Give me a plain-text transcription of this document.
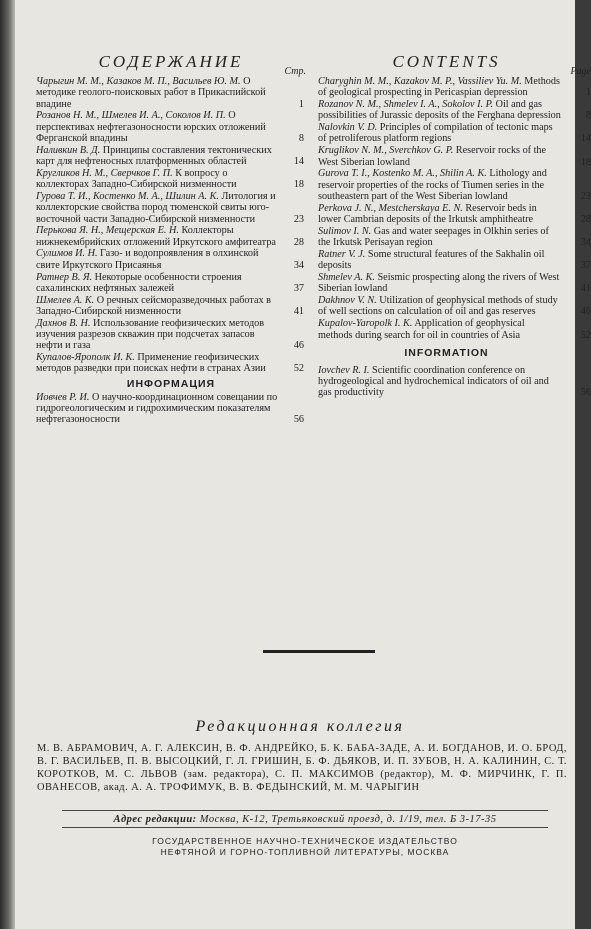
СОДЕРЖАНИЕ
Стр.
Чарыгин М. М., Казаков М. П., Васильев Ю. М. О методике геолого-поисковых работ в Прикаспийской впадине	1
Розанов Н. М., Шмелев И. А., Соколов И. П. О перспективах нефтегазоносности юрских отложений Ферганской впадины	8
Наливкин В. Д. Принципы составления тектонических карт для нефтеносных платформенных областей	14
Кругликов Н. М., Сверчков Г. П. К вопросу о коллекторах Западно-Сибирской низменности	18
Гурова Т. И., Костенко М. А., Шилин А. К. Литология и коллекторские свойства пород тюменской свиты юго-восточной части Западно-Сибирской низменности	23
Перькова Я. Н., Мещерская Е. Н. Коллекторы нижнекембрийских отложений Иркутского амфитеатра 28
Сулимов И. Н. Газо- и водопроявления в олхинской свите Иркутского Присаянья	34
Ратнер В. Я. Некоторые особенности строения сахалинских нефтяных залежей	37
Шмелев А. К. О речных сейсморазведочных работах в Западно-Сибирской низменности	41
Дахнов В. Н. Использование геофизических методов изучения разрезов скважин при подсчетах запасов нефти и газа	46
Купалов-Ярополк И. К. Применение геофизических методов разведки при поисках нефти в странах Азии	52
ИНФОРМАЦИЯ
Иовчев Р. И. О научно-координационном совещании по гидрогеологическим и гидрохимическим показателям нефтегазоносности	56
CONTENTS
Page
Charyghin M. M., Kazakov M. P., Vassiliev Yu. M. Methods of geological prospecting in Pericaspian depression	1
Rozanov N. M., Shmelev I. A., Sokolov I. P. Oil and gas possibilities of Jurassic deposits of the Ferghana depression 8
Nalovkin V. D. Principles of compilation of tectonic maps of petroliferous platform regions	14
Kruglikov N. M., Sverchkov G. P. Reservoir rocks of the West Siberian lowland	18
Gurova T. I., Kostenko M. A., Shilin A. K. Lithology and reservoir properties of the rocks of Tiumen series in the southeastern part of the West Siberian lowland	23
Perkova J. N., Mestcherskaya E. N. Reservoir beds in lower Cambrian deposits of the Irkutsk amphitheatre	28
Sulimov I. N. Gas and water seepages in Olkhin series of the Irkutsk Perisayan region	34
Ratner V. J. Some structural features of the Sakhalin oil deposits	37
Shmelev A. K. Seismic prospecting along the rivers of West Siberian lowland	41
Dakhnov V. N. Utilization of geophysical methods of study of well sections on calculation of oil and gas reserves	46
Kupalov-Yaropolk I. K. Application of geophysical methods during search for oil in countries of Asia	52
INFORMATION
Iovchev R. I. Scientific coordination conference on hydrogeological and hydrochemical indicators of oil and gas productivity	56
Редакционная коллегия
М. В. АБРАМОВИЧ, А. Г. АЛЕКСИН, В. Ф. АНДРЕЙКО, Б. К. БАБА-ЗАДЕ, А. И. БОГДАНОВ, И. О. БРОД, В. Г. ВАСИЛЬЕВ, П. В. ВЫСОЦКИЙ, Г. Л. ГРИШИН, Б. Ф. ДЬЯКОВ, И. П. ЗУБОВ, Н. А. КАЛИНИН, С. Т. КОРОТКОВ, М. С. ЛЬВОВ (зам. редактора), С. П. МАКСИМОВ (редактор), М. Ф. МИРЧИНК, Г. П. ОВАНЕСОВ, акад. А. А. ТРОФИМУК, В. В. ФЕДЫНСКИЙ, М. М. ЧАРЫГИН
Адрес редакции: Москва, К-12, Третьяковский проезд, д. 1/19, тел. Б 3-17-35
ГОСУДАРСТВЕННОЕ НАУЧНО-ТЕХНИЧЕСКОЕ ИЗДАТЕЛЬСТВО
НЕФТЯНОЙ И ГОРНО-ТОПЛИВНОЙ ЛИТЕРАТУРЫ, МОСКВА
